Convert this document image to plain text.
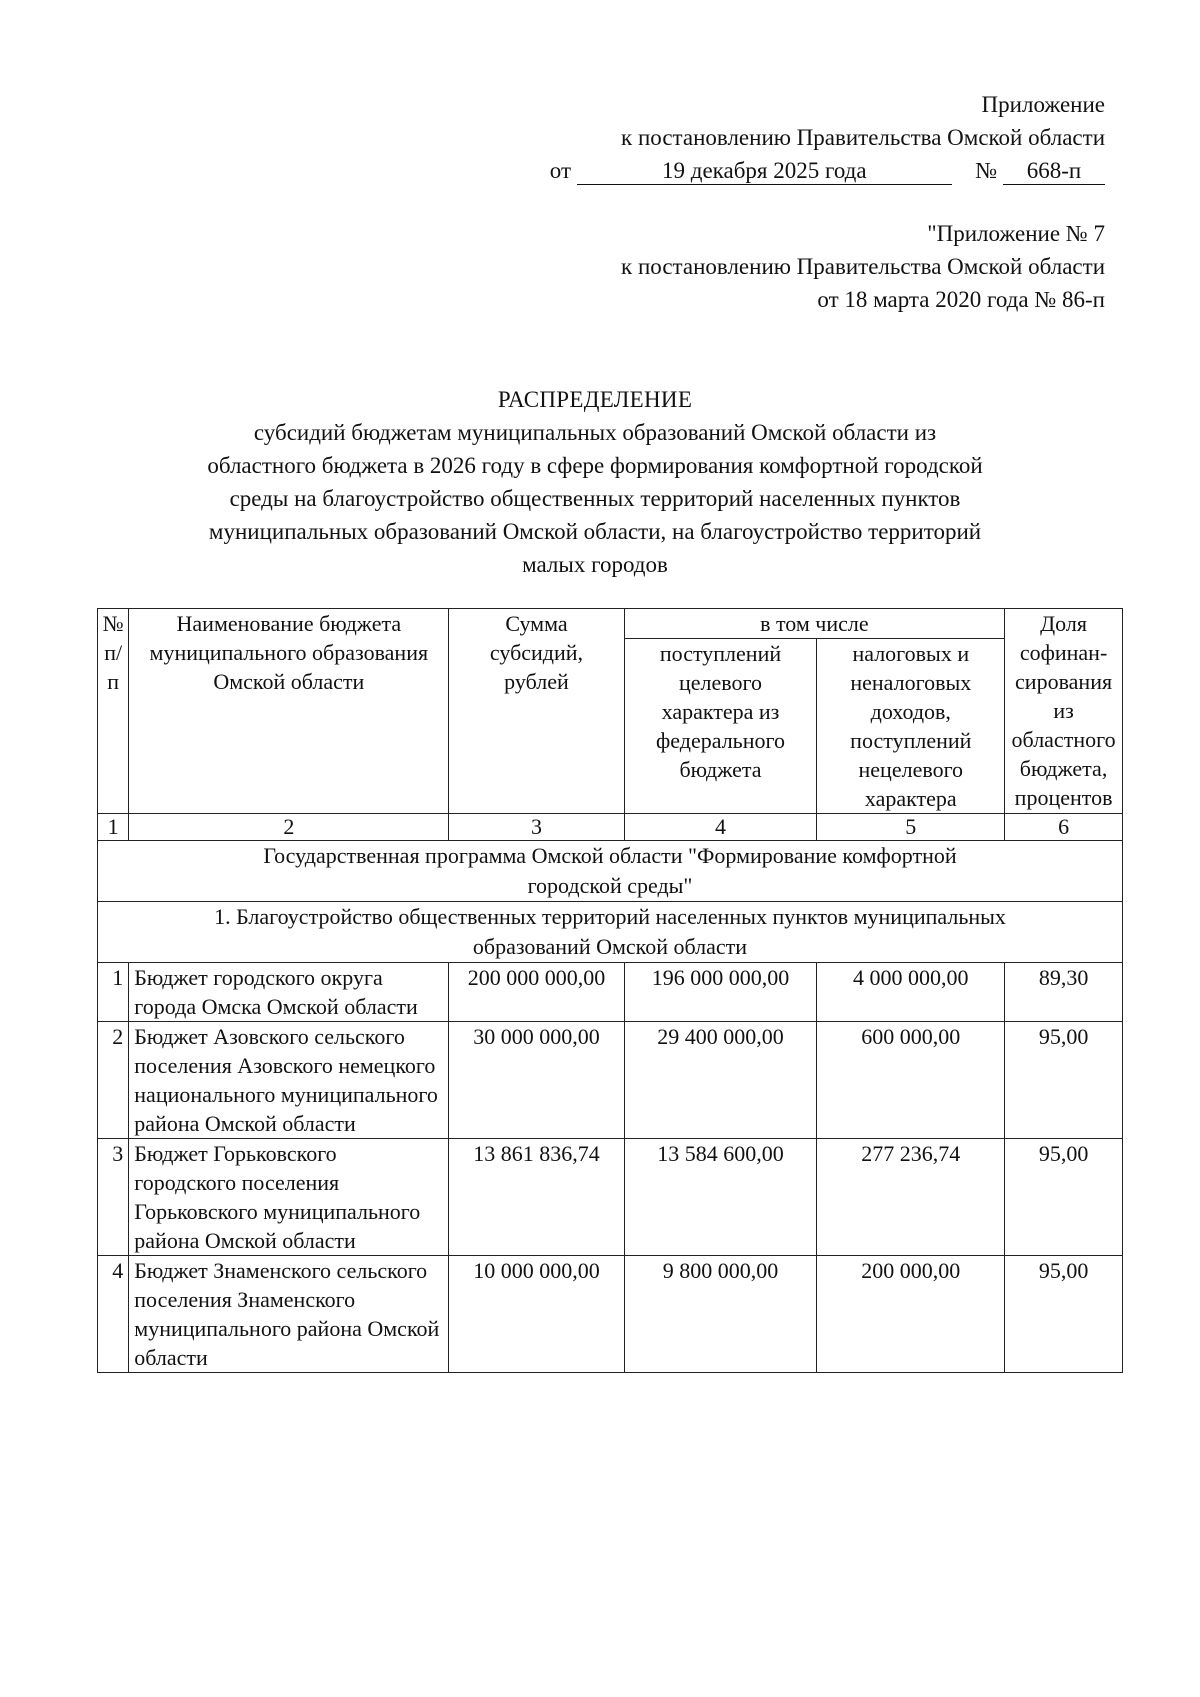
Приложение
к постановлению Правительства Омской области
от	19 декабря 2025 года	№ 668-п
"Приложение № 7
к постановлению Правительства Омской области
от 18 марта 2020 года № 86-п
РАСПРЕДЕЛЕНИЕ
субсидий бюджетам муниципальных образований Омской области из
областного бюджета в 2026 году в сфере формирования комфортной городской
среды на благоустройство общественных территорий населенных пунктов
муниципальных образований Омской области, на благоустройство территорий
малых городов
№ п/п	Наименование бюджета муниципального образования Омской области	Сумма субсидий, рублей	в том числе		Доля софинан-сирования из областного бюджета, процентов
			поступлений целевого характера из федерального бюджета	налоговых и неналоговых доходов, поступлений нецелевого характера	
1	2	3	4	5	6
Государственная программа Омской области "Формирование комфортной городской среды"					
1. Благоустройство общественных территорий населенных пунктов муниципальных образований Омской области					
1	Бюджет городского округа города Омска Омской области	200 000 000,00	196 000 000,00	4 000 000,00	89,30
2	Бюджет Азовского сельского поселения Азовского немецкого национального муниципального района Омской области	30 000 000,00	29 400 000,00	600 000,00	95,00
3	Бюджет Горьковского городского поселения Горьковского муниципального района Омской области	13 861 836,74	13 584 600,00	277 236,74	95,00
4	Бюджет Знаменского сельского поселения Знаменского муниципального района Омской области	10 000 000,00	9 800 000,00	200 000,00	95,00
